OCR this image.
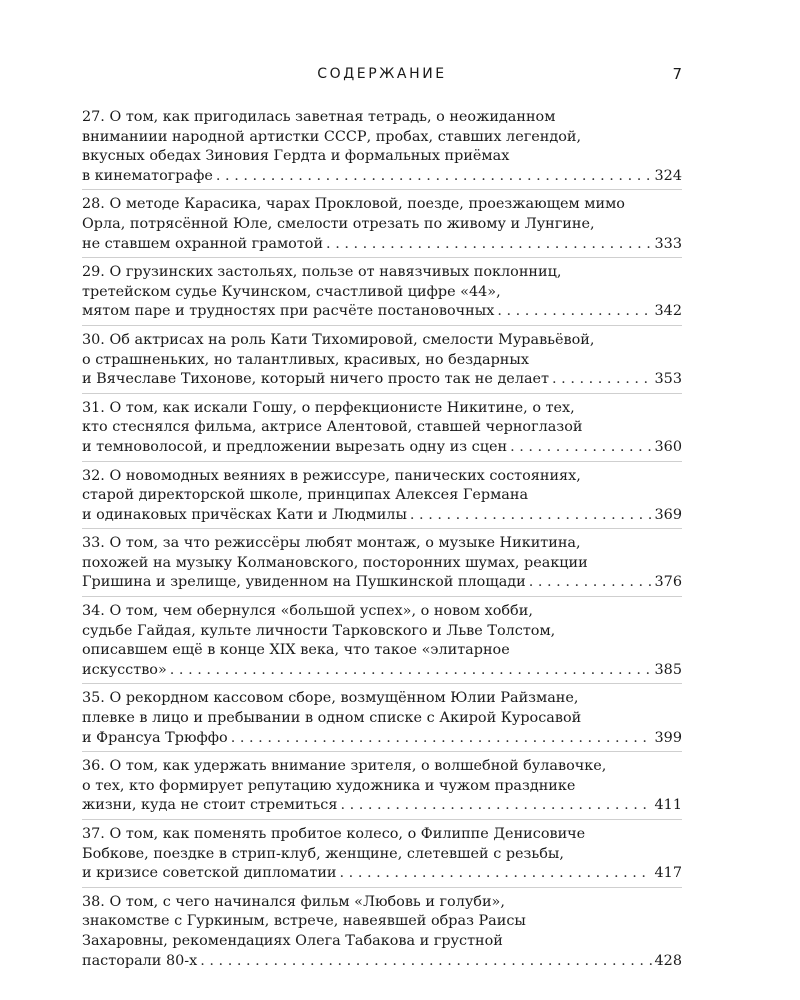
СОДЕРЖАНИЕ	7
27. О том, как пригодилась заветная тетрадь, о неожиданном
вниманиии народной артистки СССР, пробах, ставших легендой,
вкусных обедах Зиновия Гердта и формальных приёмах
в кинематографе . . .	324
28. О методе Карасика, чарах Прокловой, поезде, проезжающем мимо
Орла, потрясённой Юле, смелости отрезать по живому и Лунгине,
не ставшем охранной грамотой . . .	333
29. О грузинских застольях, пользе от навязчивых поклонниц,
третейском судье Кучинском, счастливой цифре «44»,
мятом паре и трудностях при расчёте постановочных . . .	342
30. Об актрисах на роль Кати Тихомировой, смелости Муравьёвой,
о страшненьких, но талантливых, красивых, но бездарных
и Вячеславе Тихонове, который ничего просто так не делает . . .	353
31. О том, как искали Гошу, о перфекционисте Никитине, о тех,
кто стеснялся фильма, актрисе Алентовой, ставшей черноглазой
и темноволосой, и предложении вырезать одну из сцен . . .	360
32. О новомодных веяниях в режиссуре, панических состояниях,
старой директорской школе, принципах Алексея Германа
и одинаковых причёсках Кати и Людмилы . . .	369
33. О том, за что режиссёры любят монтаж, о музыке Никитина,
похожей на музыку Колмановского, посторонних шумах, реакции
Гришина и зрелище, увиденном на Пушкинской площади . . .	376
34. О том, чем обернулся «большой успех», о новом хобби,
судьбе Гайдая, культе личности Тарковского и Льве Толстом,
описавшем ещё в конце XIX века, что такое «элитарное
искусство» . . .	385
35. О рекордном кассовом сборе, возмущённом Юлии Райзмане,
плевке в лицо и пребывании в одном списке с Акирой Куросавой
и Франсуа Трюффо . . .	399
36. О том, как удержать внимание зрителя, о волшебной булавочке,
о тех, кто формирует репутацию художника и чужом празднике
жизни, куда не стоит стремиться . . .	411
37. О том, как поменять пробитое колесо, о Филиппе Денисовиче
Бобкове, поездке в стрип-клуб, женщине, слетевшей с резьбы,
и кризисе советской дипломатии . . .	417
38. О том, с чего начинался фильм «Любовь и голуби»,
знакомстве с Гуркиным, встрече, навеявшей образ Раисы
Захаровны, рекомендациях Олега Табакова и грустной
пасторали 80-х . . .	428
